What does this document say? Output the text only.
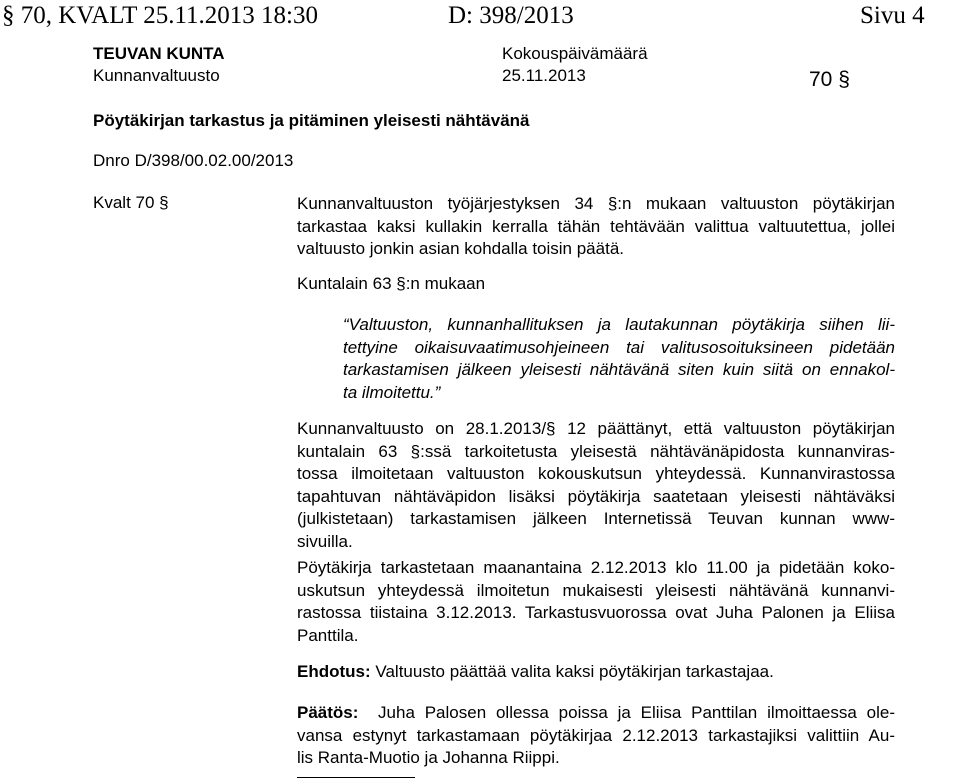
§ 70, KVALT 25.11.2013 18:30	D: 398/2013	Sivu 4
TEUVAN KUNTA
Kunnanvaltuusto
Kokouspäivämäärä
25.11.2013	70 §
Pöytäkirjan tarkastus ja pitäminen yleisesti nähtävänä
Dnro D/398/00.02.00/2013
Kvalt 70 §	Kunnanvaltuuston työjärjestyksen 34 §:n mukaan valtuuston pöytäkirjan
tarkastaa kaksi kullakin kerralla tähän tehtävään valittua valtuutettua, jollei
valtuusto jonkin asian kohdalla toisin päätä.
Kuntalain 63 §:n mukaan
“Valtuuston, kunnanhallituksen ja lautakunnan pöytäkirja siihen lii-
tettyine oikaisuvaatimusohjeineen tai valitusosoituksineen pidetään
tarkastamisen jälkeen yleisesti nähtävänä siten kuin siitä on ennakol-
ta ilmoitettu.”
Kunnanvaltuusto on 28.1.2013/§ 12 päättänyt, että valtuuston pöytäkirjan
kuntalain 63 §:ssä tarkoitetusta yleisestä nähtävänäpidosta kunnanviras-
tossa ilmoitetaan valtuuston kokouskutsun yhteydessä. Kunnanvirastossa
tapahtuvan nähtäväpidon lisäksi pöytäkirja saatetaan yleisesti nähtäväksi
(julkistetaan) tarkastamisen jälkeen Internetissä Teuvan kunnan www-
sivuilla.
Pöytäkirja tarkastetaan maanantaina 2.12.2013 klo 11.00 ja pidetään koko-
uskutsun yhteydessä ilmoitetun mukaisesti yleisesti nähtävänä kunnanvi-
rastossa tiistaina 3.12.2013. Tarkastusvuorossa ovat Juha Palonen ja Eliisa
Panttila.
Ehdotus: Valtuusto päättää valita kaksi pöytäkirjan tarkastajaa.
Päätös:  Juha Palosen ollessa poissa ja Eliisa Panttilan ilmoittaessa ole-
vansa estynyt tarkastamaan pöytäkirjaa 2.12.2013 tarkastajiksi valittiin Au-
lis Ranta-Muotio ja Johanna Riippi.
